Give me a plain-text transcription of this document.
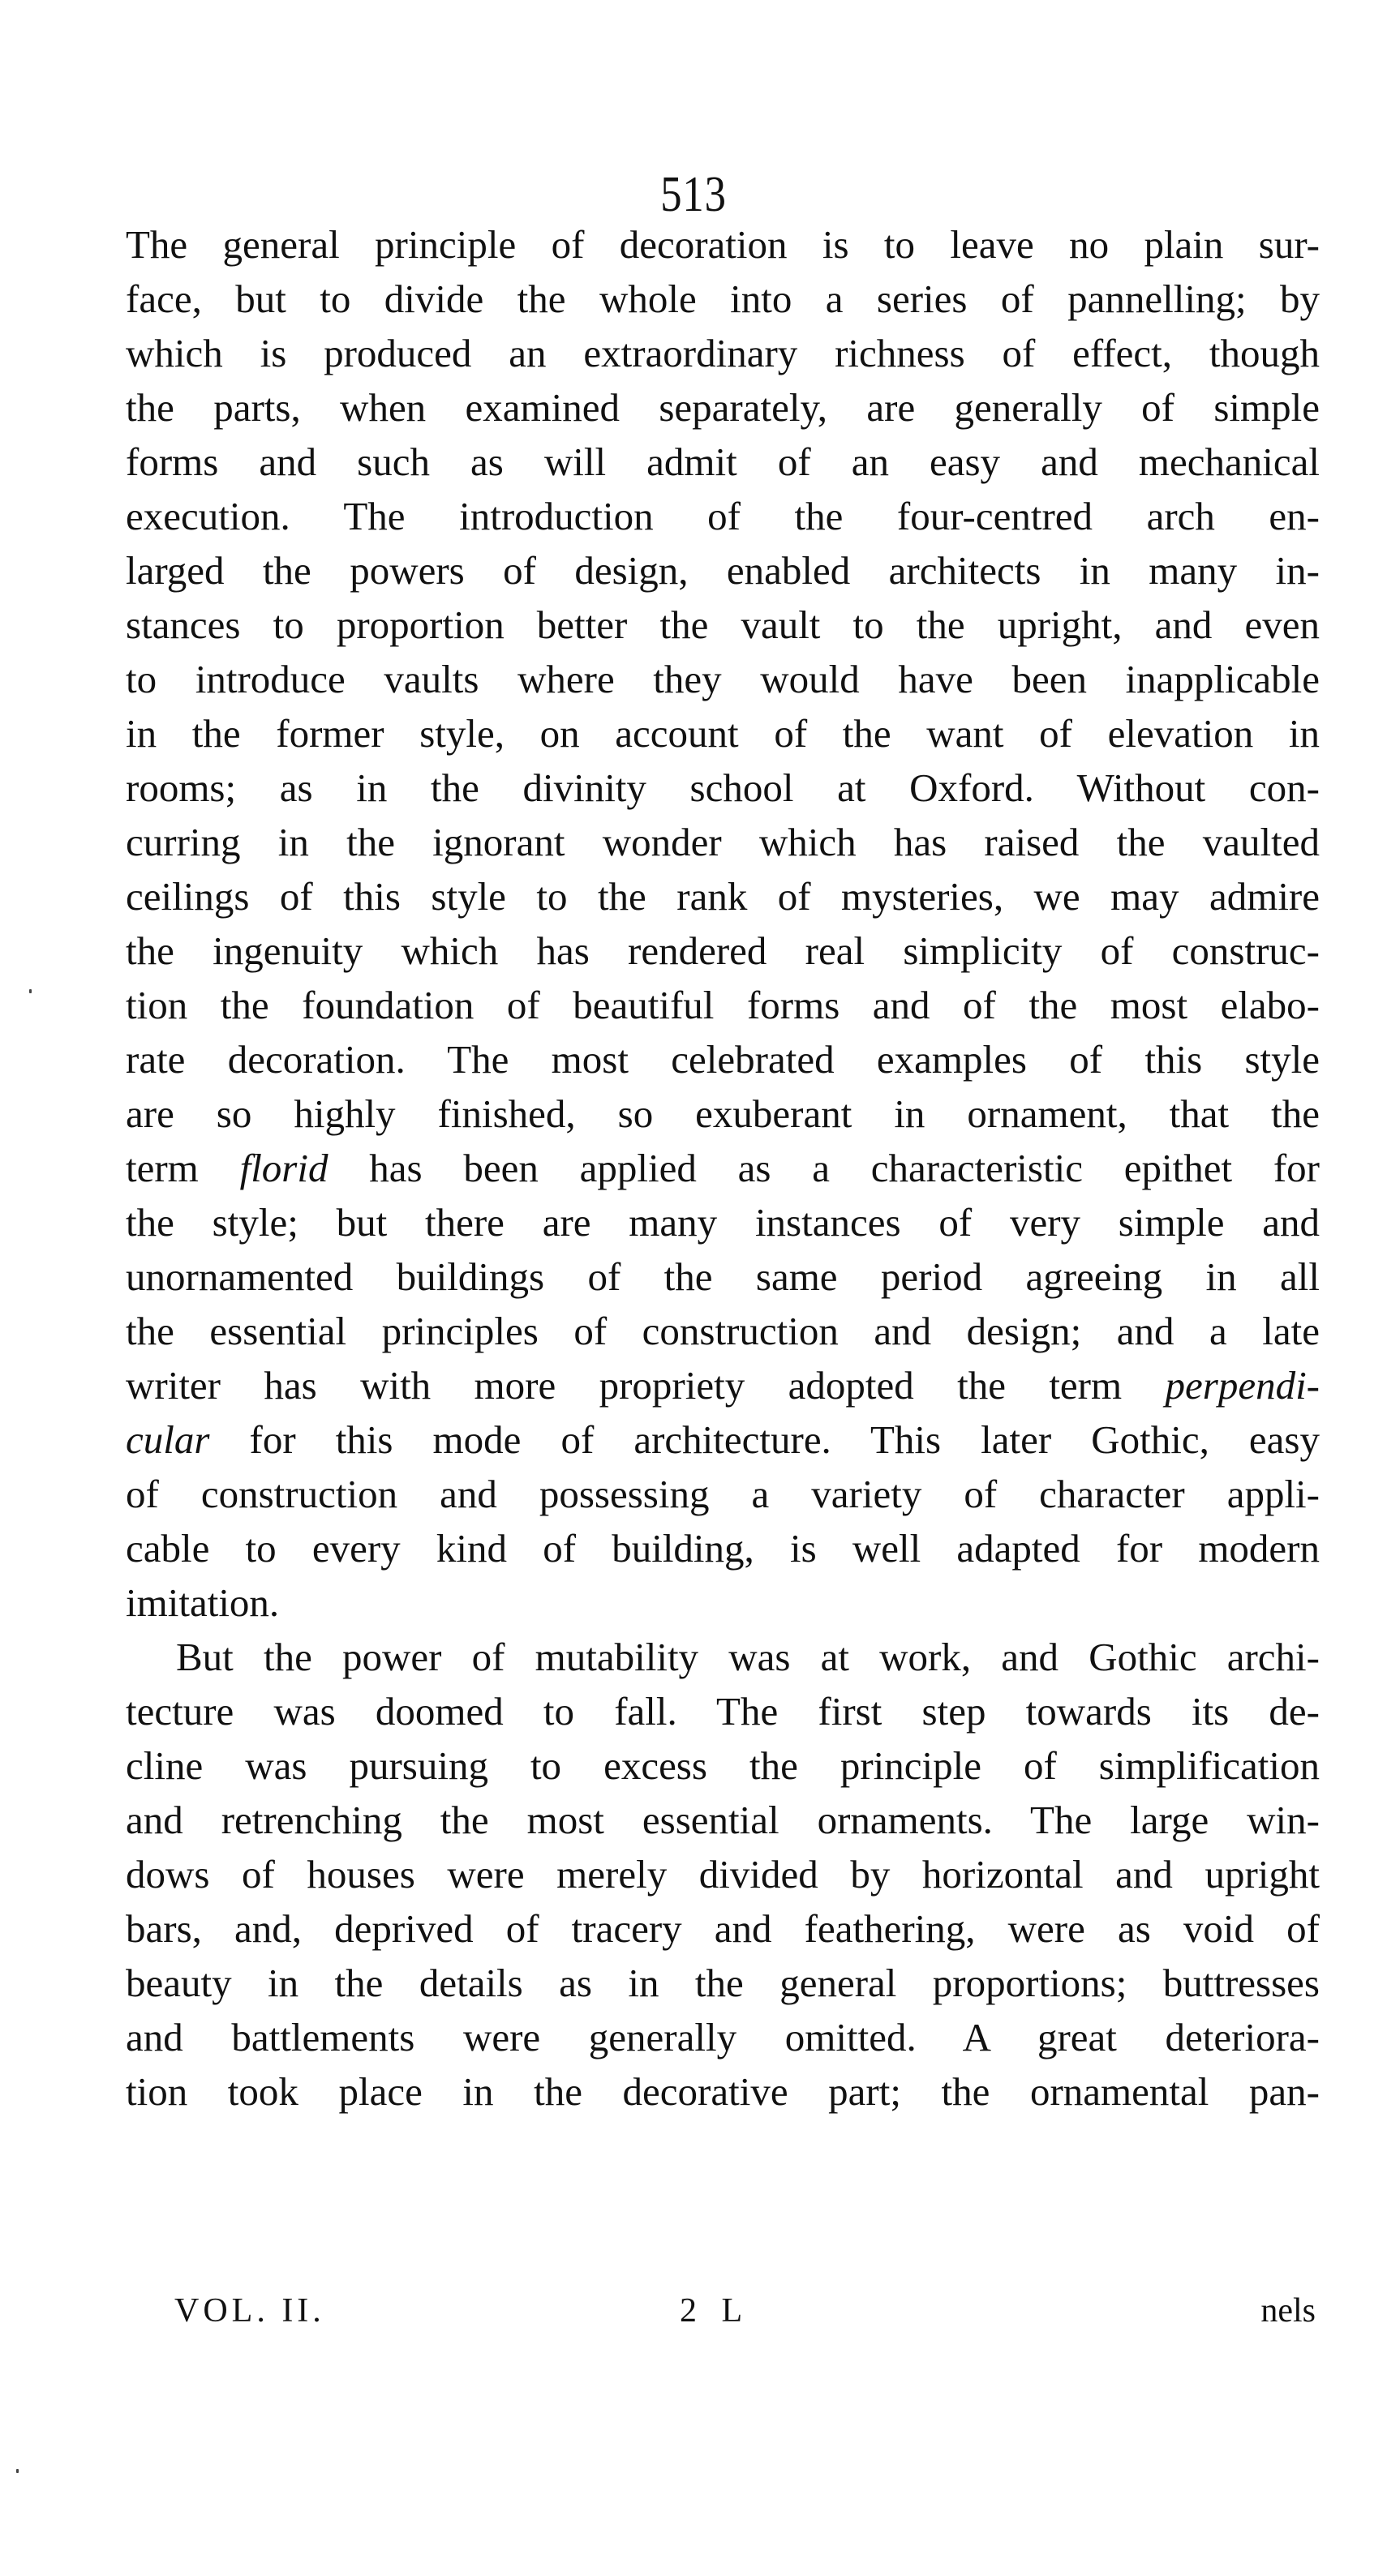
513
The general principle of decoration is to leave no plain sur-
face, but to divide the whole into a series of pannelling; by
which is produced an extraordinary richness of effect, though
the parts, when examined separately, are generally of simple
forms and such as will admit of an easy and mechanical
execution. The introduction of the four-centred arch en-
larged the powers of design, enabled architects in many in-
stances to proportion better the vault to the upright, and even
to introduce vaults where they would have been inapplicable
in the former style, on account of the want of elevation in
rooms; as in the divinity school at Oxford. Without con-
curring in the ignorant wonder which has raised the vaulted
ceilings of this style to the rank of mysteries, we may admire
the ingenuity which has rendered real simplicity of construc-
tion the foundation of beautiful forms and of the most elabo-
rate decoration. The most celebrated examples of this style
are so highly finished, so exuberant in ornament, that the
term florid has been applied as a characteristic epithet for
the style; but there are many instances of very simple and
unornamented buildings of the same period agreeing in all
the essential principles of construction and design; and a late
writer has with more propriety adopted the term perpendi-
cular for this mode of architecture. This later Gothic, easy
of construction and possessing a variety of character appli-
cable to every kind of building, is well adapted for modern
imitation.
But the power of mutability was at work, and Gothic archi-
tecture was doomed to fall. The first step towards its de-
cline was pursuing to excess the principle of simplification
and retrenching the most essential ornaments. The large win-
dows of houses were merely divided by horizontal and upright
bars, and, deprived of tracery and feathering, were as void of
beauty in the details as in the general proportions; buttresses
and battlements were generally omitted. A great deteriora-
tion took place in the decorative part; the ornamental pan-
VOL. II.	2 L	nels
